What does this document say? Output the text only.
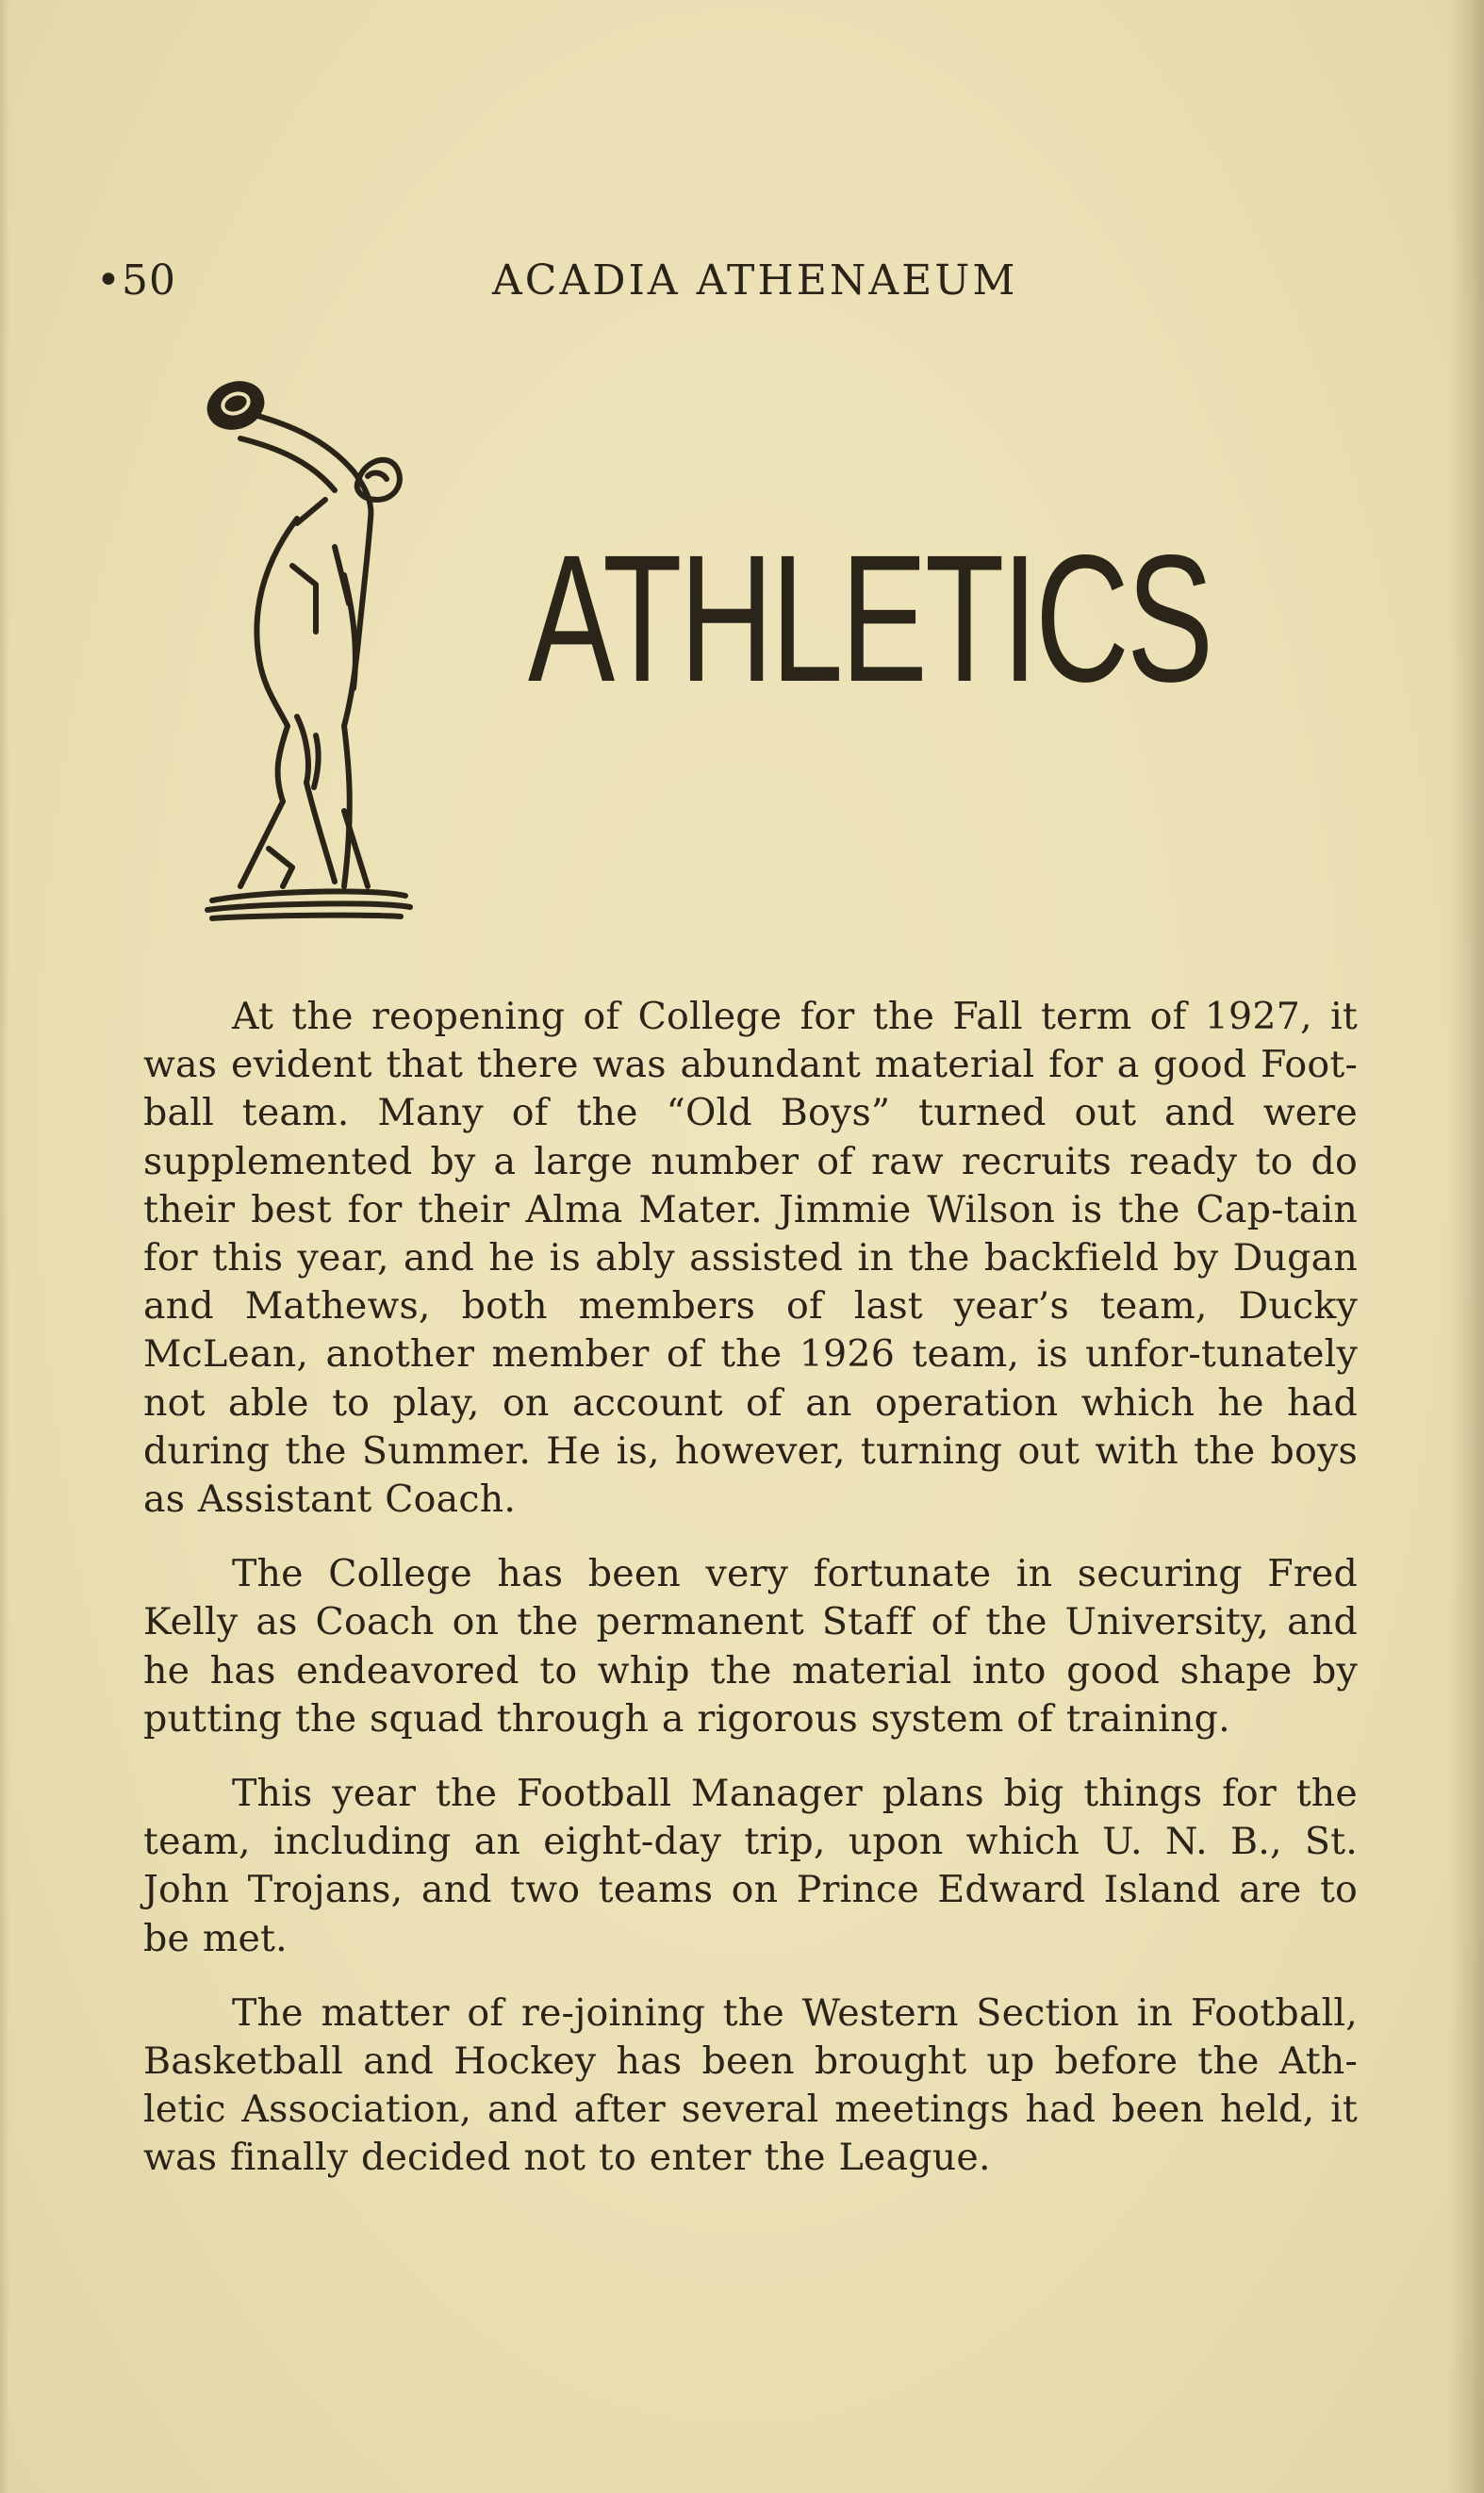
•50	ACADIA ATHENAEUM
ATHLETICS

At the reopening of College for the Fall term of 1927, it was evident that there was abundant material for a good Foot-ball team. Many of the “Old Boys” turned out and were supplemented by a large number of raw recruits ready to do their best for their Alma Mater. Jimmie Wilson is the Cap-tain for this year, and he is ably assisted in the backfield by Dugan and Mathews, both members of last year’s team, Ducky McLean, another member of the 1926 team, is unfor-tunately not able to play, on account of an operation which he had during the Summer. He is, however, turning out with the boys as Assistant Coach.

The College has been very fortunate in securing Fred Kelly as Coach on the permanent Staff of the University, and he has endeavored to whip the material into good shape by putting the squad through a rigorous system of training.

This year the Football Manager plans big things for the team, including an eight-day trip, upon which U. N. B., St. John Trojans, and two teams on Prince Edward Island are to be met.

The matter of re-joining the Western Section in Football, Basketball and Hockey has been brought up before the Ath-letic Association, and after several meetings had been held, it was finally decided not to enter the League.
